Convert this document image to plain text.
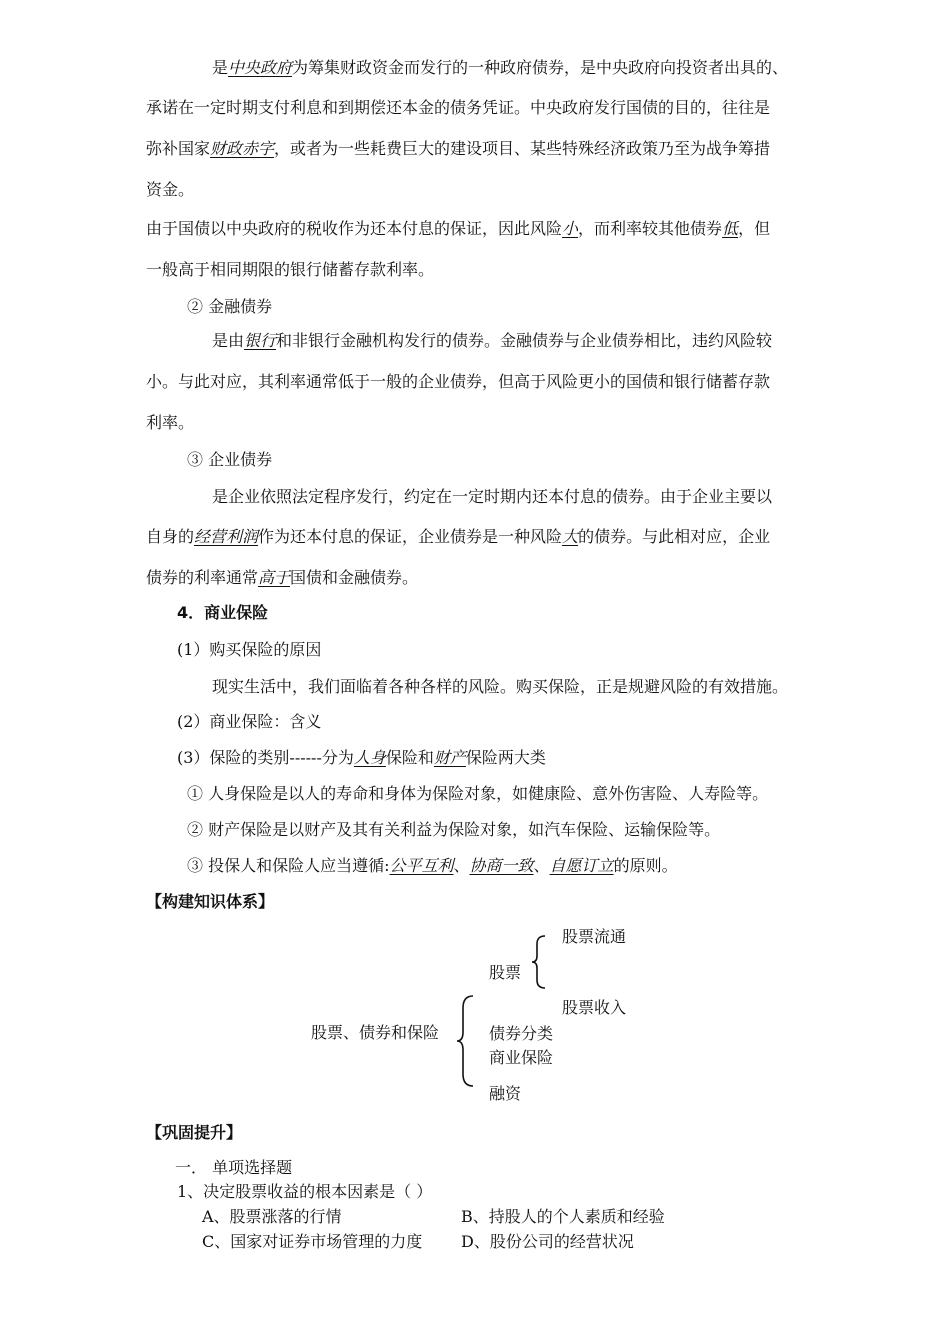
是中央政府为筹集财政资金而发行的一种政府债券，是中央政府向投资者出具的、
承诺在一定时期支付利息和到期偿还本金的债务凭证。中央政府发行国债的目的，往往是
弥补国家财政赤字，或者为一些耗费巨大的建设项目、某些特殊经济政策乃至为战争筹措
资金。
由于国债以中央政府的税收作为还本付息的保证，因此风险小，而利率较其他债券低，但
一般高于相同期限的银行储蓄存款利率。
② 金融债券
是由银行和非银行金融机构发行的债券。金融债券与企业债券相比，违约风险较
小。与此对应，其利率通常低于一般的企业债券，但高于风险更小的国债和银行储蓄存款
利率。
③ 企业债券
是企业依照法定程序发行，约定在一定时期内还本付息的债券。由于企业主要以
自身的经营利润作为还本付息的保证，企业债券是一种风险大的债券。与此相对应，企业
债券的利率通常高于国债和金融债券。
4．商业保险
(1）购买保险的原因
现实生活中，我们面临着各种各样的风险。购买保险，正是规避风险的有效措施。
(2）商业保险：含义
(3）保险的类别------分为人身保险和财产保险两大类
① 人身保险是以人的寿命和身体为保险对象，如健康险、意外伤害险、人寿险等。
② 财产保险是以财产及其有关利益为保险对象，如汽车保险、运输保险等。
③ 投保人和保险人应当遵循:公平互利、协商一致、自愿订立的原则。
【构建知识体系】
股票、债券和保险
股票
股票流通
股票收入
债券分类
商业保险
融资
【巩固提升】
一． 单项选择题
1、决定股票收益的根本因素是（ ）
A、股票涨落的行情	B、持股人的个人素质和经验
C、国家对证券市场管理的力度 D、股份公司的经营状况
